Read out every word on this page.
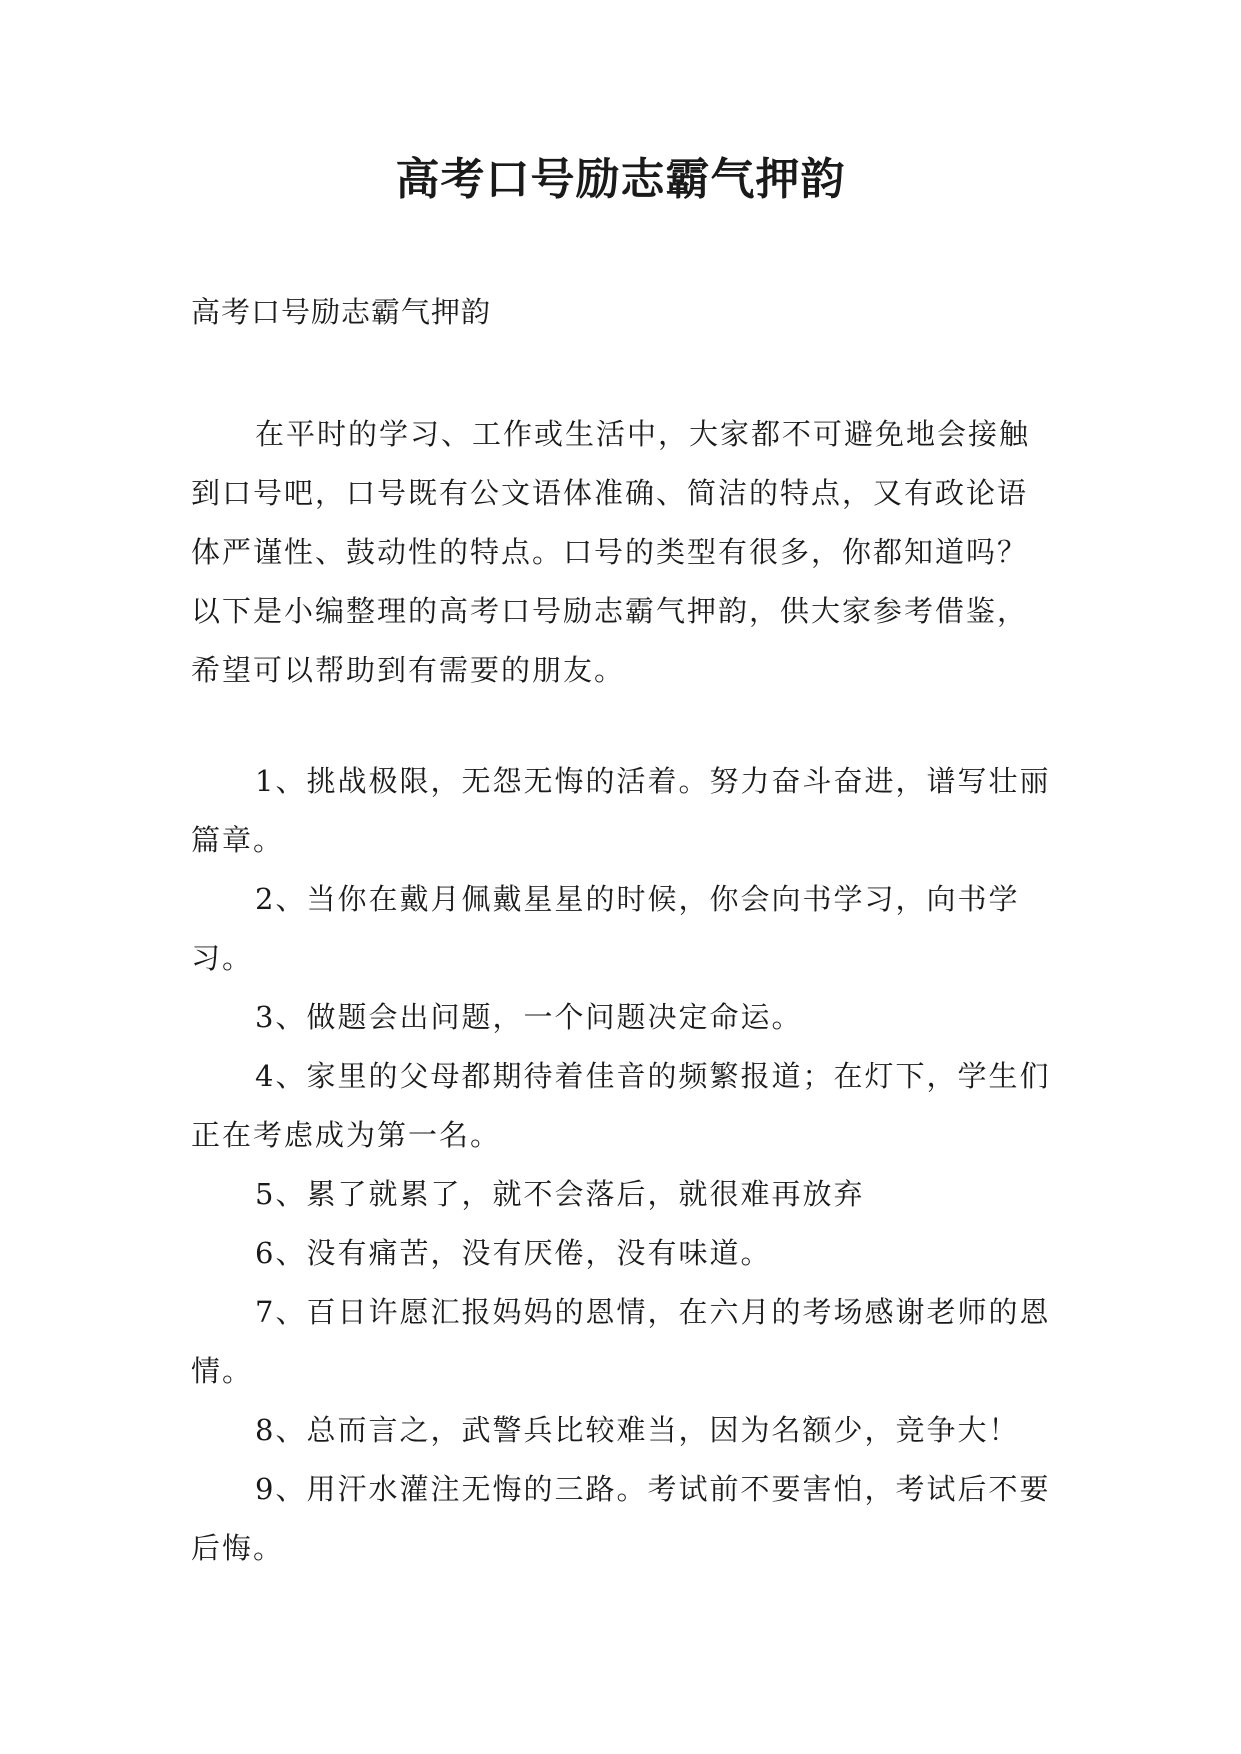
高考口号励志霸气押韵

高考口号励志霸气押韵

在平时的学习、工作或生活中，大家都不可避免地会接触到口号吧，口号既有公文语体准确、简洁的特点，又有政论语体严谨性、鼓动性的特点。口号的类型有很多，你都知道吗？以下是小编整理的高考口号励志霸气押韵，供大家参考借鉴，希望可以帮助到有需要的朋友。

1、挑战极限，无怨无悔的活着。努力奋斗奋进，谱写壮丽篇章。
2、当你在戴月佩戴星星的时候，你会向书学习，向书学习。
3、做题会出问题，一个问题决定命运。
4、家里的父母都期待着佳音的频繁报道；在灯下，学生们正在考虑成为第一名。
5、累了就累了，就不会落后，就很难再放弃
6、没有痛苦，没有厌倦，没有味道。
7、百日许愿汇报妈妈的恩情，在六月的考场感谢老师的恩情。
8、总而言之，武警兵比较难当，因为名额少，竞争大！
9、用汗水灌注无悔的三路。考试前不要害怕，考试后不要后悔。
